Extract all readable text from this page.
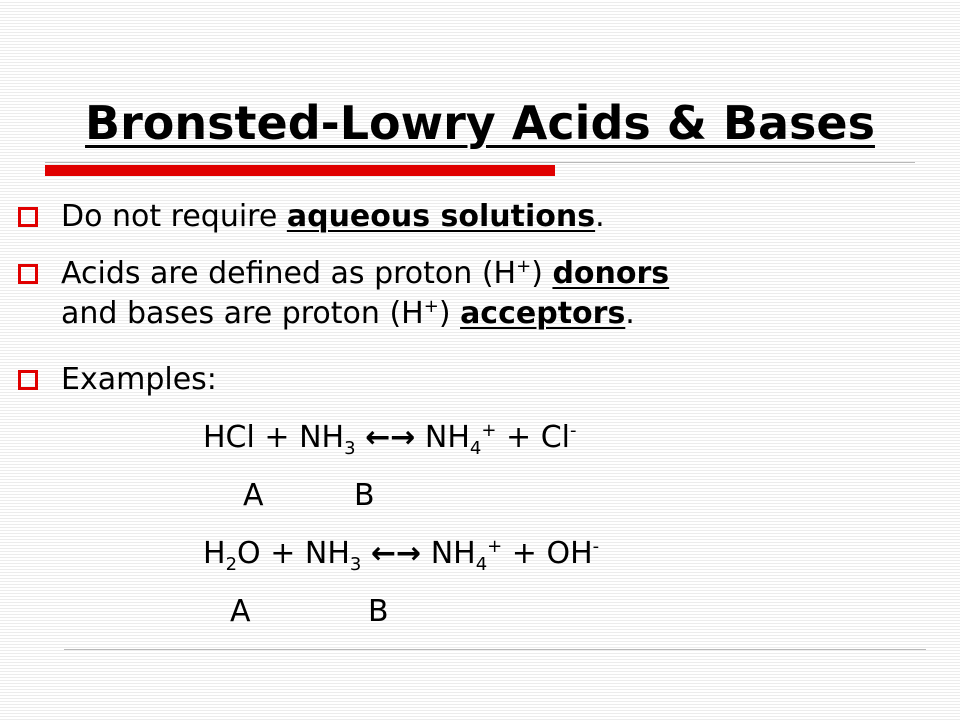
Bronsted-Lowry Acids & Bases
Do not require aqueous solutions.
Acids are defined as proton (H+) donors
and bases are proton (H+) acceptors.
Examples:
HCl + $NH_3$ ←→ $NH_4^+ + Cl^-$
A	B
$H_2O + NH_3$ ←→ $NH_4^+ + OH^-$
A	B
